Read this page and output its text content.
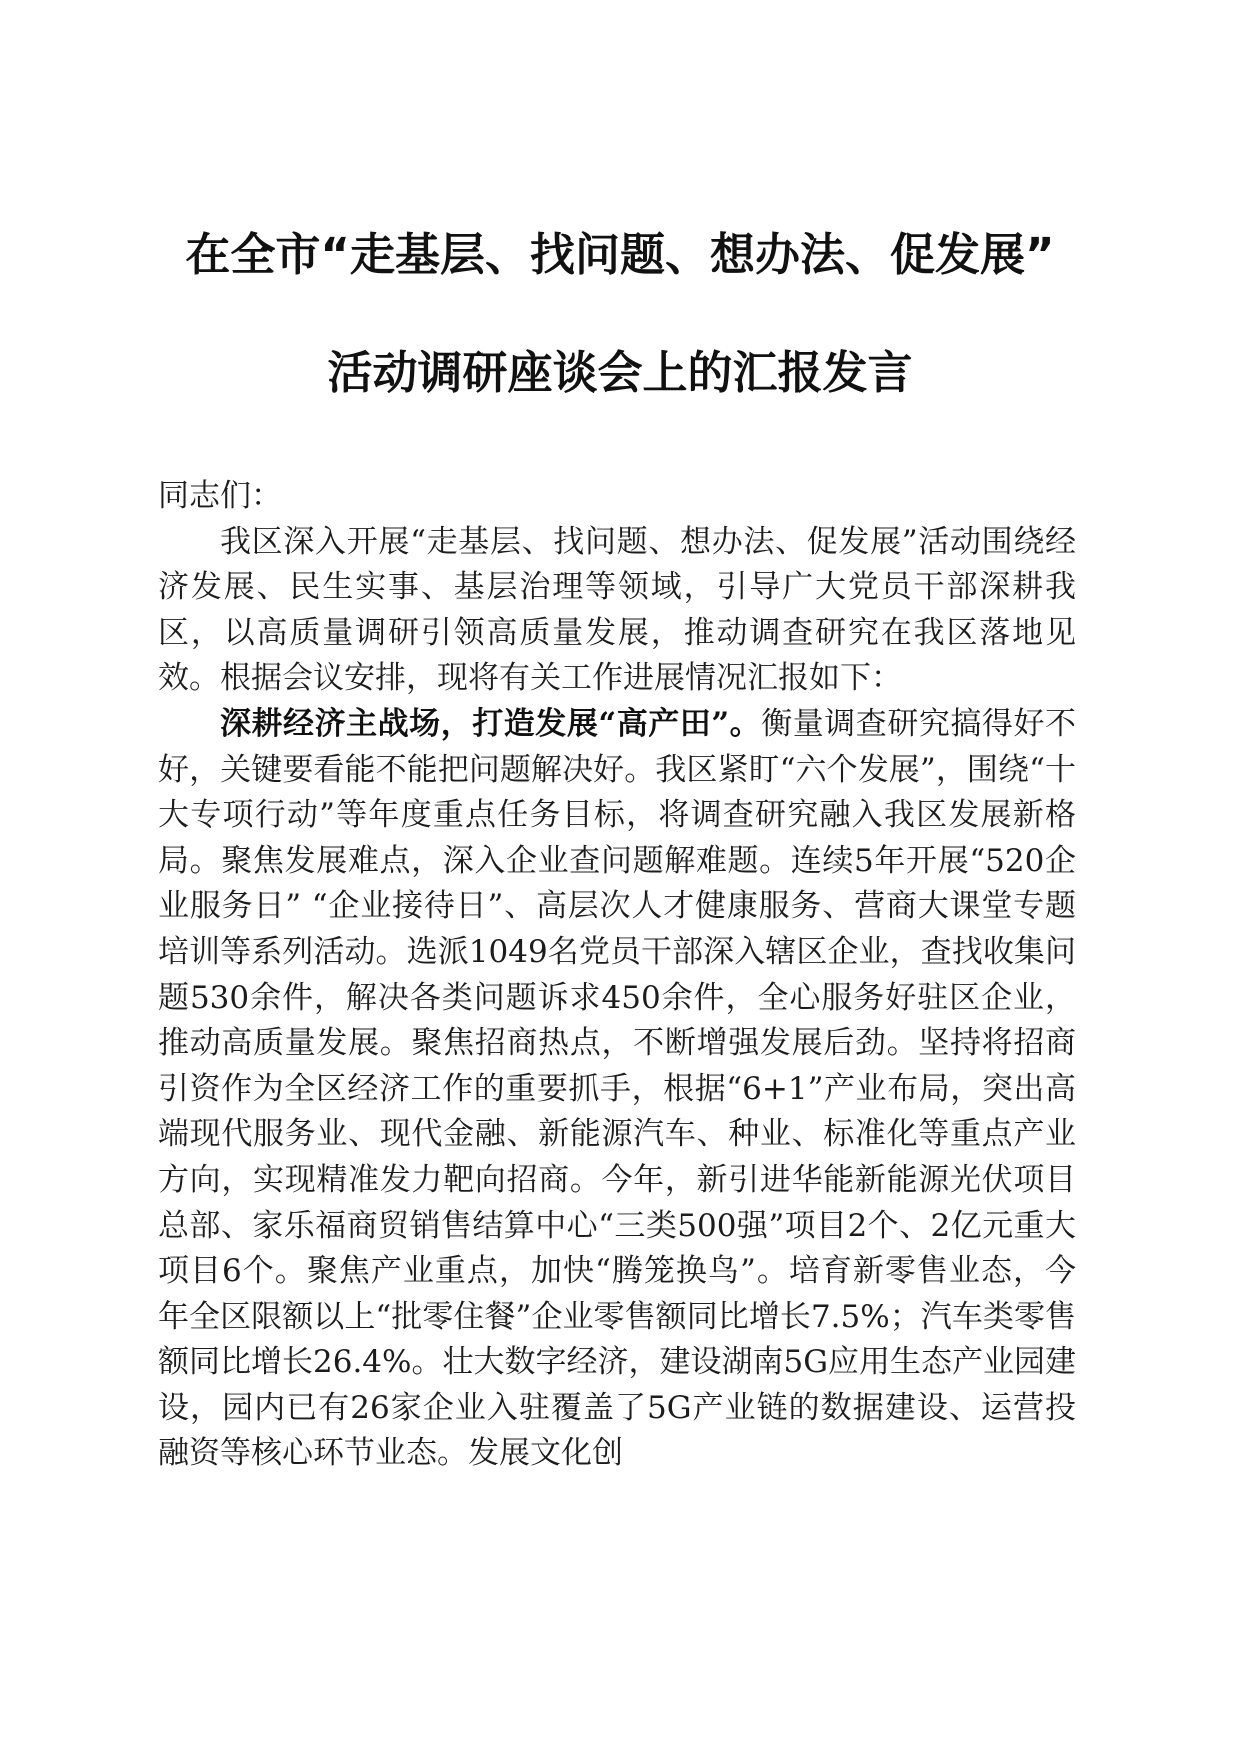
在全市“走基层、找问题、想办法、促发展”
活动调研座谈会上的汇报发言

同志们：

我区深入开展“走基层、找问题、想办法、促发展”活动围绕经济发展、民生实事、基层治理等领域，引导广大党员干部深耕我区，以高质量调研引领高质量发展，推动调查研究在我区落地见效。根据会议安排，现将有关工作进展情况汇报如下：

深耕经济主战场，打造发展“高产田”。衡量调查研究搞得好不好，关键要看能不能把问题解决好。我区紧盯“六个发展”，围绕“十大专项行动”等年度重点任务目标，将调查研究融入我区发展新格局。聚焦发展难点，深入企业查问题解难题。连续5年开展“520企业服务日” “企业接待日”、高层次人才健康服务、营商大课堂专题培训等系列活动。选派1049名党员干部深入辖区企业，查找收集问题530余件，解决各类问题诉求450余件，全心服务好驻区企业，推动高质量发展。聚焦招商热点，不断增强发展后劲。坚持将招商引资作为全区经济工作的重要抓手，根据“6+1”产业布局，突出高端现代服务业、现代金融、新能源汽车、种业、标准化等重点产业方向，实现精准发力靶向招商。今年，新引进华能新能源光伏项目总部、家乐福商贸销售结算中心“三类500强”项目2个、2亿元重大项目6个。聚焦产业重点，加快“腾笼换鸟”。培育新零售业态，今年全区限额以上“批零住餐”企业零售额同比增长7.5%；汽车类零售额同比增长26.4%。壮大数字经济，建设湖南5G应用生态产业园建设，园内已有26家企业入驻覆盖了5G产业链的数据建设、运营投融资等核心环节业态。发展文化创
